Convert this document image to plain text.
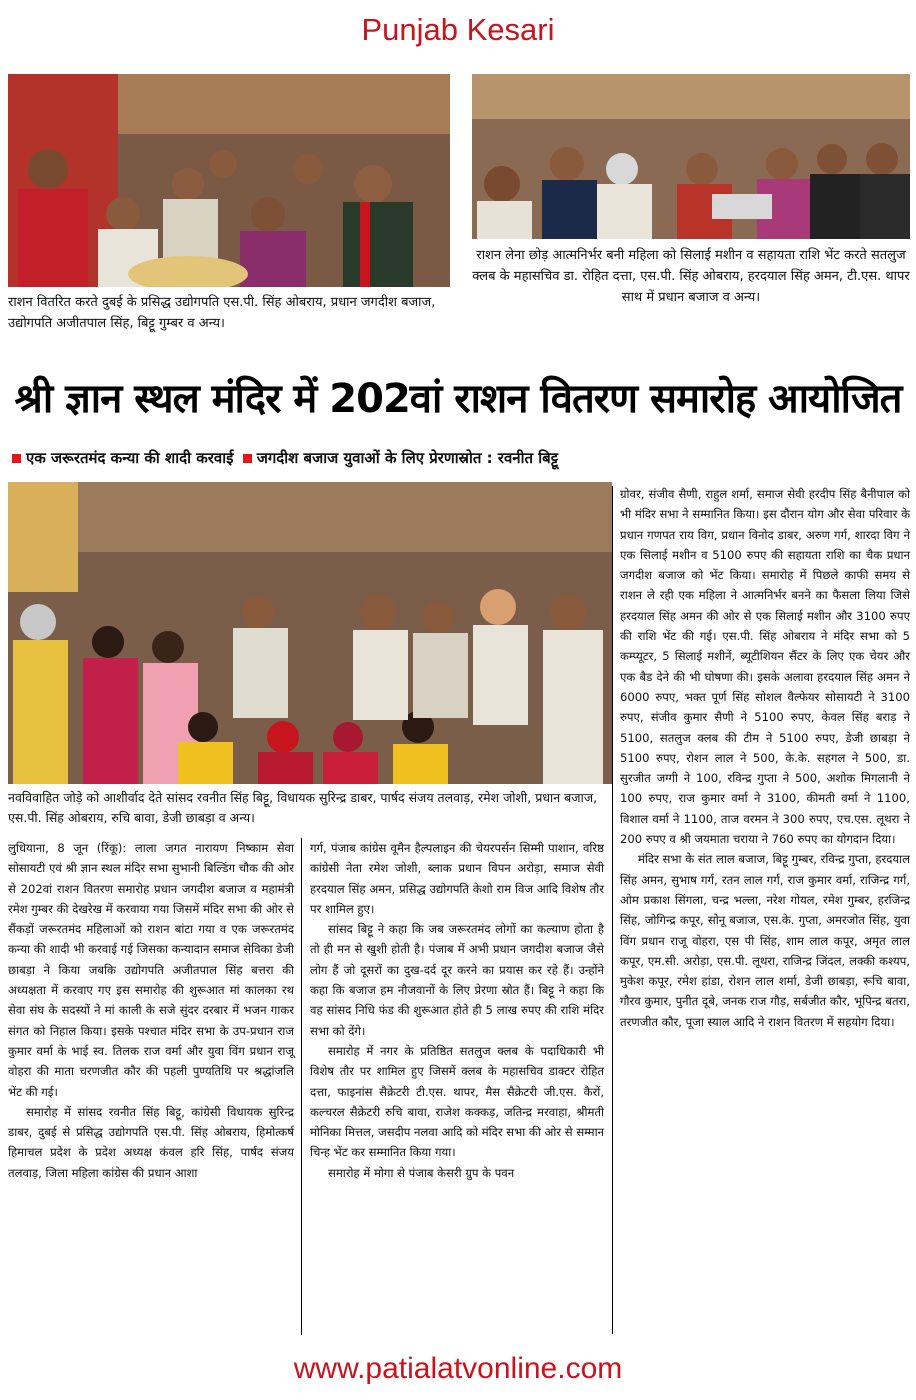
Punjab Kesari
राशन वितरित करते दुबई के प्रसिद्ध उद्योगपति एस.पी. सिंह ओबराय, प्रधान जगदीश बजाज, उद्योगपति अजीतपाल सिंह, बिट्टू गुम्बर व अन्य।
राशन लेना छोड़ आत्मनिर्भर बनी महिला को सिलाई मशीन व सहायता राशि भेंट करते सतलुज क्लब के महासचिव डा. रोहित दत्ता, एस.पी. सिंह ओबराय, हरदयाल सिंह अमन, टी.एस. थापर साथ में प्रधान बजाज व अन्य।
श्री ज्ञान स्थल मंदिर में 202वां राशन वितरण समारोह आयोजित
एक जरूरतमंद कन्या की शादी करवाई जगदीश बजाज युवाओं के लिए प्रेरणास्रोत : रवनीत बिट्टू
नवविवाहित जोड़े को आशीर्वाद देते सांसद रवनीत सिंह बिट्टू, विधायक सुरिन्द्र डाबर, पार्षद संजय तलवाड़, रमेश जोशी, प्रधान बजाज, एस.पी. सिंह ओबराय, रुचि बावा, डेजी छाबड़ा व अन्य।

लुधियाना, 8 जून (रिंकू): लाला जगत नारायण निष्काम सेवा सोसायटी एवं श्री ज्ञान स्थल मंदिर सभा सुभानी बिल्डिंग चौक की ओर से 202वां राशन वितरण समारोह प्रधान जगदीश बजाज व महामंत्री रमेश गुम्बर की देखरेख में करवाया गया जिसमें मंदिर सभा की ओर से सैंकड़ों जरूरतमंद महिलाओं को राशन बांटा गया व एक जरूरतमंद कन्या की शादी भी करवाई गई जिसका कन्यादान समाज सेविका डेजी छाबड़ा ने किया जबकि उद्योगपति अजीतपाल सिंह बत्तरा की अध्यक्षता में करवाए गए इस समारोह की शुरूआत मां कालका रथ सेवा संघ के सदस्यों ने मां काली के सजे सुंदर दरबार में भजन गाकर संगत को निहाल किया। इसके पश्चात मंदिर सभा के उप-प्रधान राज कुमार वर्मा के भाई स्व. तिलक राज वर्मा और युवा विंग प्रधान राजू वोहरा की माता चरणजीत कौर की पहली पुण्यतिथि पर श्रद्धांजलि भेंट की गई।

समारोह में सांसद रवनीत सिंह बिट्टू, कांग्रेसी विधायक सुरिन्द्र डाबर, दुबई से प्रसिद्ध उद्योगपति एस.पी. सिंह ओबराय, हिमोत्कर्ष हिमाचल प्रदेश के प्रदेश अध्यक्ष कंवल हरि सिंह, पार्षद संजय तलवाड़, जिला महिला कांग्रेस की प्रधान आशा

गर्ग, पंजाब कांग्रेस वूमैन हैल्पलाइन की चेयरपर्सन सिम्मी पाशान, वरिष्ठ कांग्रेसी नेता रमेश जोशी, ब्लाक प्रधान विपन अरोड़ा, समाज सेवी हरदयाल सिंह अमन, प्रसिद्ध उद्योगपति केशो राम विज आदि विशेष तौर पर शामिल हुए।

सांसद बिट्टू ने कहा कि जब जरूरतमंद लोगों का कल्याण होता है तो ही मन से खुशी होती है। पंजाब में अभी प्रधान जगदीश बजाज जैसे लोग हैं जो दूसरों का दुख-दर्द दूर करने का प्रयास कर रहे हैं। उन्होंने कहा कि बजाज हम नौजवानों के लिए प्रेरणा स्रोत हैं। बिट्टू ने कहा कि वह सांसद निधि फंड की शुरूआत होते ही 5 लाख रुपए की राशि मंदिर सभा को देंगे।

समारोह में नगर के प्रतिष्ठित सतलुज क्लब के पदाधिकारी भी विशेष तौर पर शामिल हुए जिसमें क्लब के महासचिव डाक्टर रोहित दत्ता, फाइनांस सैक्रेटरी टी.एस. थापर, मैस सैक्रेटरी जी.एस. कैरों, कल्चरल सैक्रेटरी रुचि बावा, राजेश कक्कड़, जतिन्द्र मरवाहा, श्रीमती मोनिका मित्तल, जसदीप नलवा आदि को मंदिर सभा की ओर से सम्मान चिन्ह भेंट कर सम्मानित किया गया।

समारोह में मोगा से पंजाब केसरी ग्रुप के पवन

ग्रोवर, संजीव सैणी, राहुल शर्मा, समाज सेवी हरदीप सिंह बैनीपाल को भी मंदिर सभा ने सम्मानित किया। इस दौरान योग और सेवा परिवार के प्रधान गणपत राय विग, प्रधान विनोद डाबर, अरुण गर्ग, शारदा विग ने एक सिलाई मशीन व 5100 रुपए की सहायता राशि का चैक प्रधान जगदीश बजाज को भेंट किया। समारोह में पिछले काफी समय से राशन ले रही एक महिला ने आत्मनिर्भर बनने का फैसला लिया जिसे हरदयाल सिंह अमन की ओर से एक सिलाई मशीन और 3100 रुपए की राशि भेंट की गई। एस.पी. सिंह ओबराय ने मंदिर सभा को 5 कम्प्यूटर, 5 सिलाई मशीनें, ब्यूटीशियन सैंटर के लिए एक चेयर और एक बैड देने की भी घोषणा की। इसके अलावा हरदयाल सिंह अमन ने 6000 रुपए, भक्त पूर्ण सिंह सोशल वैल्फेयर सोसायटी ने 3100 रुपए, संजीव कुमार सैणी ने 5100 रुपए, केवल सिंह बराड़ ने 5100, सतलुज क्लब की टीम ने 5100 रुपए, डेजी छाबड़ा ने 5100 रुपए, रोशन लाल ने 500, के.के. सहगल ने 500, डा. सुरजीत जग्गी ने 100, रविन्द्र गुप्ता ने 500, अशोक मिगलानी ने 100 रुपए, राज कुमार वर्मा ने 3100, कीमती वर्मा ने 1100, विशाल वर्मा ने 1100, ताज वरमन ने 300 रुपए, एच.एस. लूथरा ने 200 रुपए व श्री जयमाता चराया ने 760 रुपए का योगदान दिया।

मंदिर सभा के संत लाल बजाज, बिट्टू गुम्बर, रविन्द्र गुप्ता, हरदयाल सिंह अमन, सुभाष गर्ग, रतन लाल गर्ग, राज कुमार वर्मा, राजिन्द्र गर्ग, ओम प्रकाश सिंगला, चन्द्र भल्ला, नरेश गोयल, रमेश गुम्बर, हरजिन्द्र सिंह, जोगिन्द्र कपूर, सोनू बजाज, एस.के. गुप्ता, अमरजोत सिंह, युवा विंग प्रधान राजू वोहरा, एस पी सिंह, शाम लाल कपूर, अमृत लाल कपूर, एम.सी. अरोड़ा, एस.पी. लूथरा, राजिन्द्र जिंदल, लक्की कश्यप, मुकेश कपूर, रमेश हांडा, रोशन लाल शर्मा, डेजी छाबड़ा, रूचि बावा, गौरव कुमार, पुनीत दूबे, जनक राज गौड़, सर्बजीत कौर, भूपिन्द्र बतरा, तरणजीत कौर, पूजा स्याल आदि ने राशन वितरण में सहयोग दिया।

www.patialatvonline.com
